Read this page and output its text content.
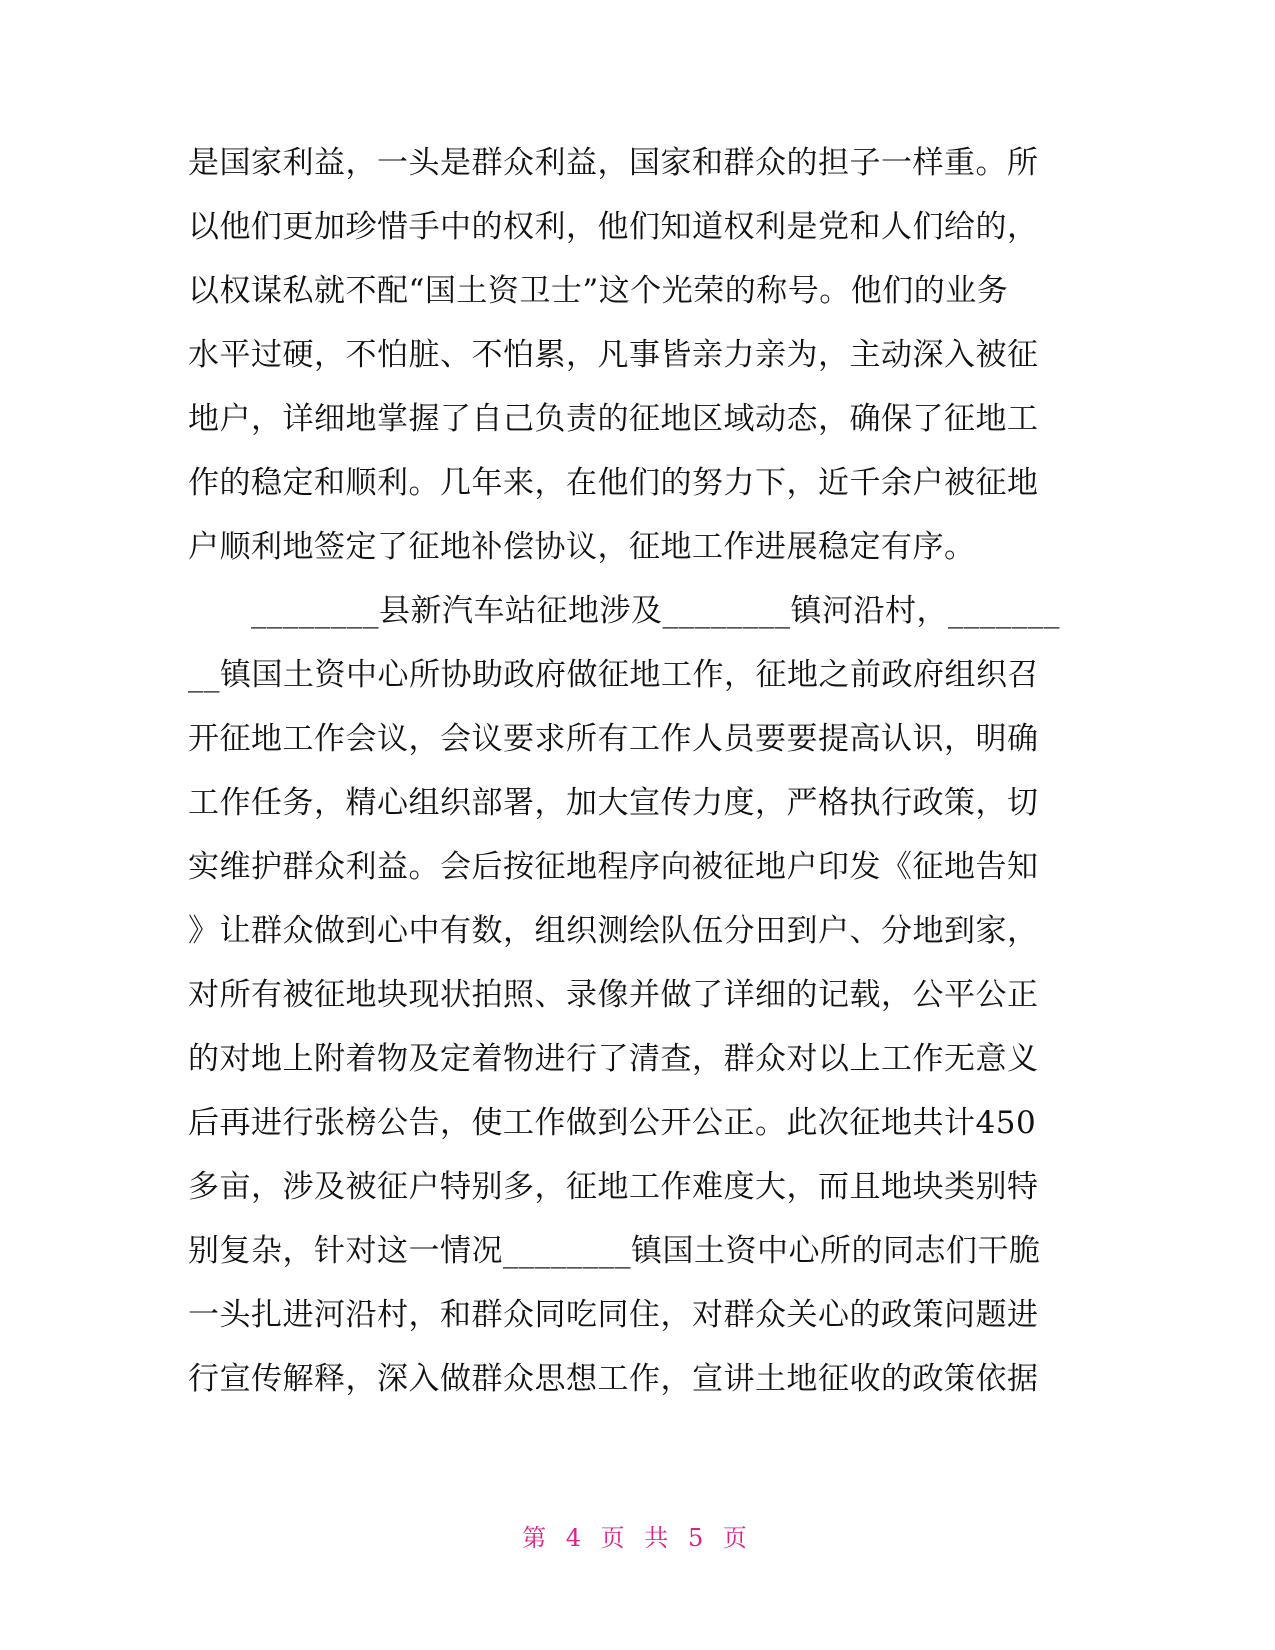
是国家利益，一头是群众利益，国家和群众的担子一样重。所
以他们更加珍惜手中的权利，他们知道权利是党和人们给的，
以权谋私就不配“国土资卫士”这个光荣的称号。他们的业务
水平过硬，不怕脏、不怕累，凡事皆亲力亲为，主动深入被征
地户，详细地掌握了自己负责的征地区域动态，确保了征地工
作的稳定和顺利。几年来，在他们的努力下，近千余户被征地
户顺利地签定了征地补偿协议，征地工作进展稳定有序。
　　________县新汽车站征地涉及________镇河沿村，_______
__镇国土资中心所协助政府做征地工作，征地之前政府组织召
开征地工作会议，会议要求所有工作人员要要提高认识，明确
工作任务，精心组织部署，加大宣传力度，严格执行政策，切
实维护群众利益。会后按征地程序向被征地户印发《征地告知
》让群众做到心中有数，组织测绘队伍分田到户、分地到家，
对所有被征地块现状拍照、录像并做了详细的记载，公平公正
的对地上附着物及定着物进行了清查，群众对以上工作无意义
后再进行张榜公告，使工作做到公开公正。此次征地共计450
多亩，涉及被征户特别多，征地工作难度大，而且地块类别特
别复杂，针对这一情况________镇国土资中心所的同志们干脆
一头扎进河沿村，和群众同吃同住，对群众关心的政策问题进
行宣传解释，深入做群众思想工作，宣讲土地征收的政策依据
第 4 页 共 5 页
